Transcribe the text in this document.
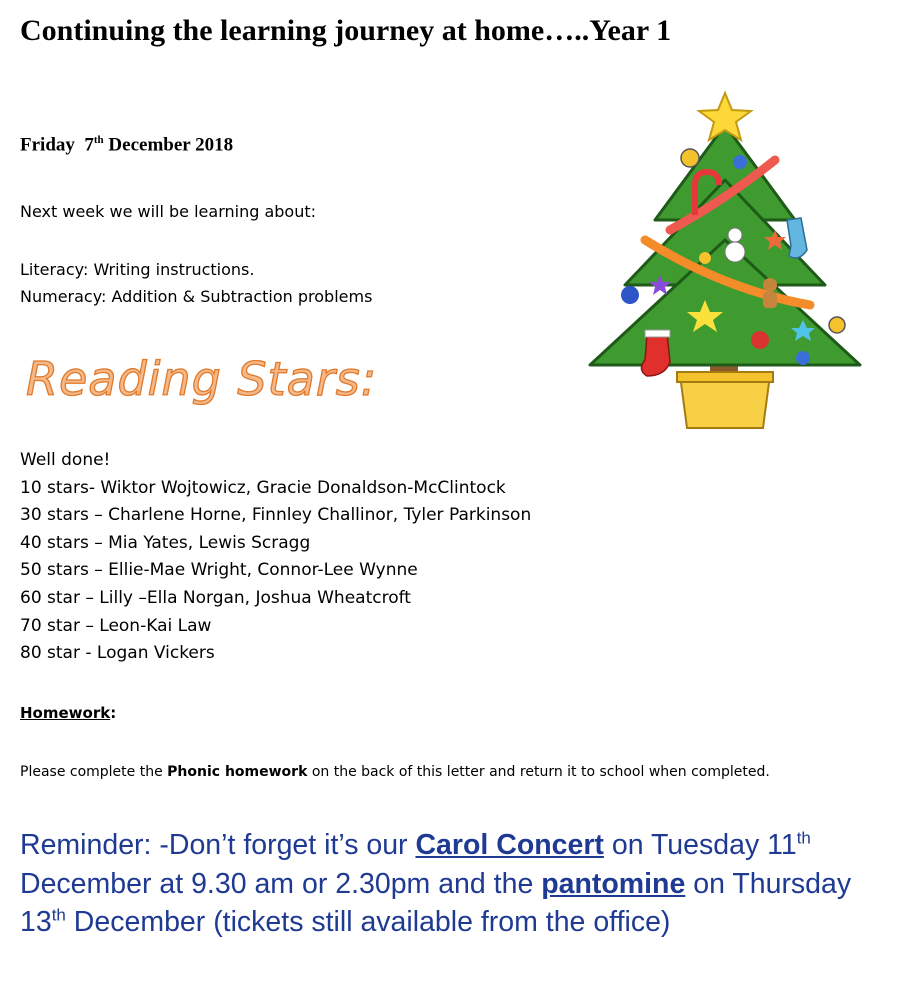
Continuing the learning journey at home…..Year 1
Friday 7th December 2018
Next week we will be learning about:
Literacy: Writing instructions.
Numeracy: Addition & Subtraction problems
Reading Stars:
Well done!
10 stars- Wiktor Wojtowicz, Gracie Donaldson-McClintock
30 stars – Charlene Horne, Finnley Challinor, Tyler Parkinson
40 stars – Mia Yates, Lewis Scragg
50 stars – Ellie-Mae Wright, Connor-Lee Wynne
60 star – Lilly –Ella Norgan, Joshua Wheatcroft
70 star – Leon-Kai Law
80 star - Logan Vickers
Homework:
Please complete the Phonic homework on the back of this letter and return it to school when completed.
Reminder: -Don’t forget it’s our Carol Concert on Tuesday 11th December at 9.30 am or 2.30pm and the pantomine on Thursday 13th December (tickets still available from the office)
